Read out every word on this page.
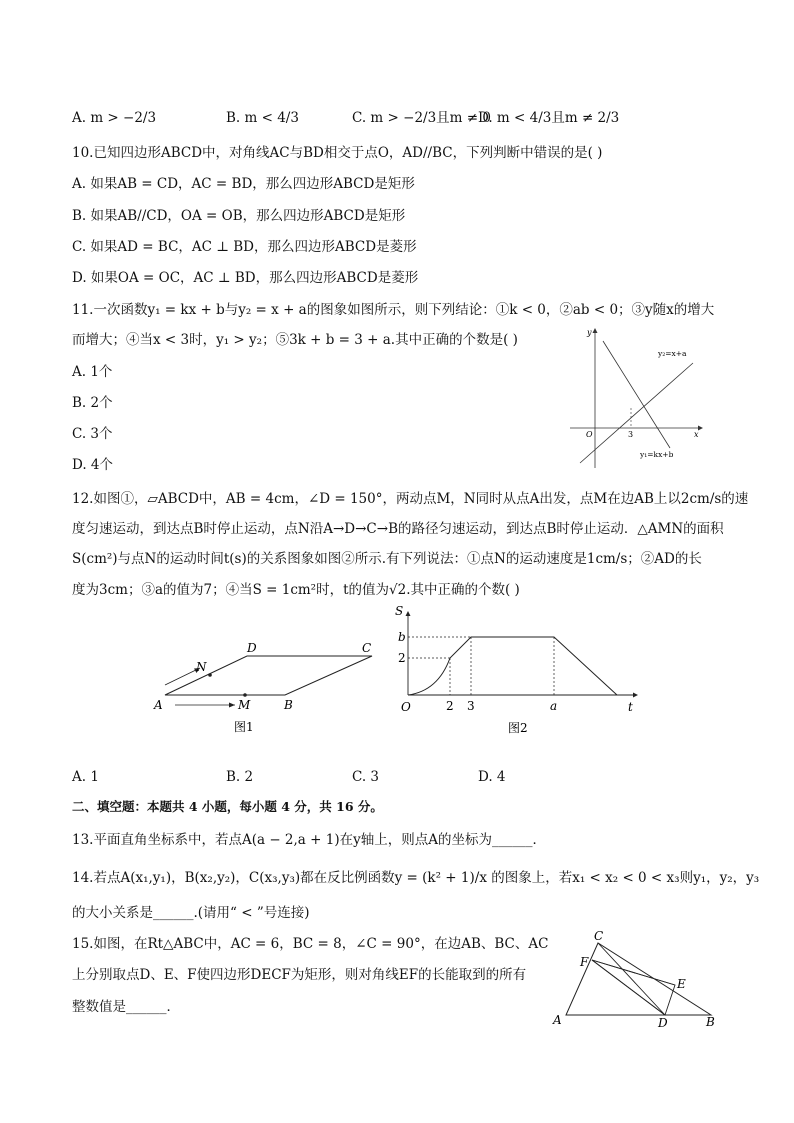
A. m > −2/3	B. m < 4/3	C. m > −2/3且m ≠ 0
D. m < 4/3且m ≠ 2/3
10.已知四边形ABCD中，对角线AC与BD相交于点O，AD//BC，下列判断中错误的是( )
A. 如果AB = CD，AC = BD，那么四边形ABCD是矩形
B. 如果AB//CD，OA = OB，那么四边形ABCD是矩形
C. 如果AD = BC，AC ⊥ BD，那么四边形ABCD是菱形
D. 如果OA = OC，AC ⊥ BD，那么四边形ABCD是菱形
11.一次函数y₁ = kx + b与y₂ = x + a的图象如图所示，则下列结论：①k < 0，②ab < 0；③y随x的增大
而增大；④当x < 3时，y₁ > y₂；⑤3k + b = 3 + a.其中正确的个数是( )
A. 1个
B. 2个
C. 3个
D. 4个
y
x
O	3
y₂=x+a
y₁=kx+b
12.如图①，▱ABCD中，AB = 4cm，∠D = 150°，两动点M，N同时从点A出发，点M在边AB上以2cm/s的速
度匀速运动，到达点B时停止运动，点N沿A→D→C→B的路径匀速运动，到达点B时停止运动．△AMN的面积
S(cm²)与点N的运动时间t(s)的关系图象如图②所示.有下列说法：①点N的运动速度是1cm/s；②AD的长
度为3cm；③a的值为7；④当S = 1cm²时，t的值为√2.其中正确的个数( )
A	B
C
D
M
N
图1
S
t
O
b
2
2 3	a
图2
A. 1	B. 2	C. 3	D. 4
二、填空题：本题共 4 小题，每小题 4 分，共 16 分。
13.平面直角坐标系中，若点A(a − 2,a + 1)在y轴上，则点A的坐标为______．
14.若点A(x₁,y₁)，B(x₂,y₂)，C(x₃,y₃)都在反比例函数y = (k² + 1)/x 的图象上，若x₁ < x₂ < 0 < x₃则y₁，y₂，y₃
的大小关系是______.(请用“ < ”号连接)
15.如图，在Rt△ABC中，AC = 6，BC = 8，∠C = 90°，在边AB、BC、AC
上分别取点D、E、F使四边形DECF为矩形，则对角线EF的长能取到的所有
整数值是______．
A	B
C
D
E
F
